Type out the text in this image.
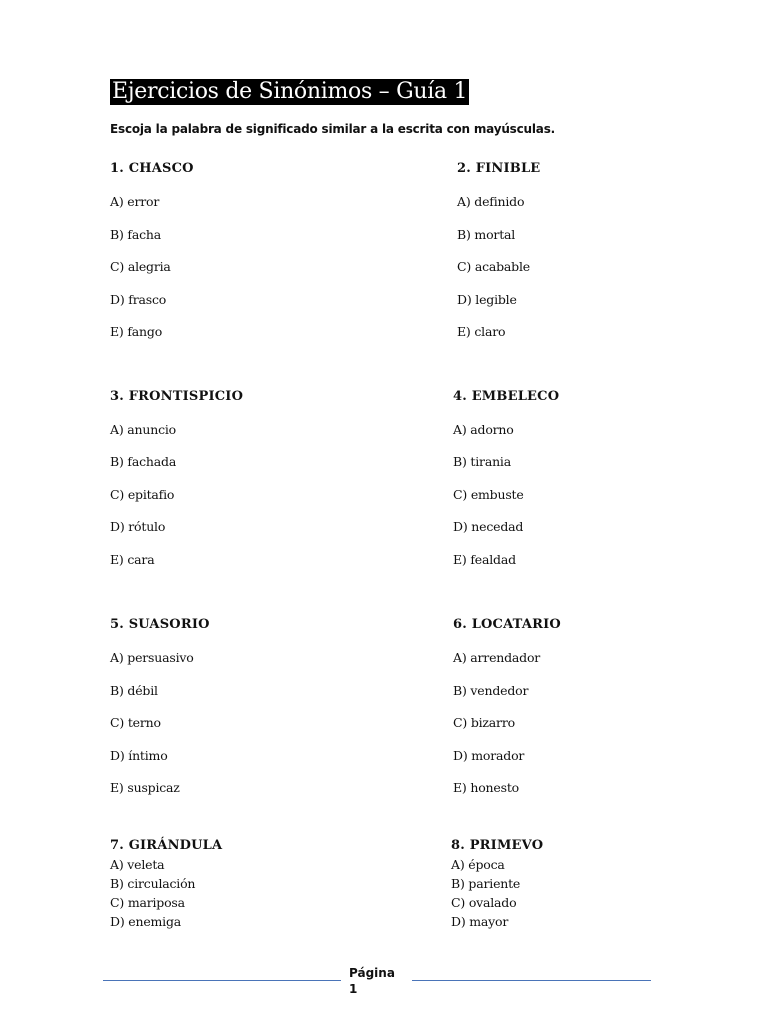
Ejercicios de Sinónimos – Guía 1
Escoja la palabra de significado similar a la escrita con mayúsculas.
1. CHASCO
A) error
B) facha
C) alegria
D) frasco
E) fango
2. FINIBLE
A) definido
B) mortal
C) acabable
D) legible
E) claro
3. FRONTISPICIO
A) anuncio
B) fachada
C) epitafio
D) rótulo
E) cara
4. EMBELECO
A) adorno
B) tirania
C) embuste
D) necedad
E) fealdad
5. SUASORIO
A) persuasivo
B) débil
C) terno
D) íntimo
E) suspicaz
6. LOCATARIO
A) arrendador
B) vendedor
C) bizarro
D) morador
E) honesto
7. GIRÁNDULA
A) veleta
B) circulación
C) mariposa
D) enemiga
8. PRIMEVO
A) época
B) pariente
C) ovalado
D) mayor
Página
1
